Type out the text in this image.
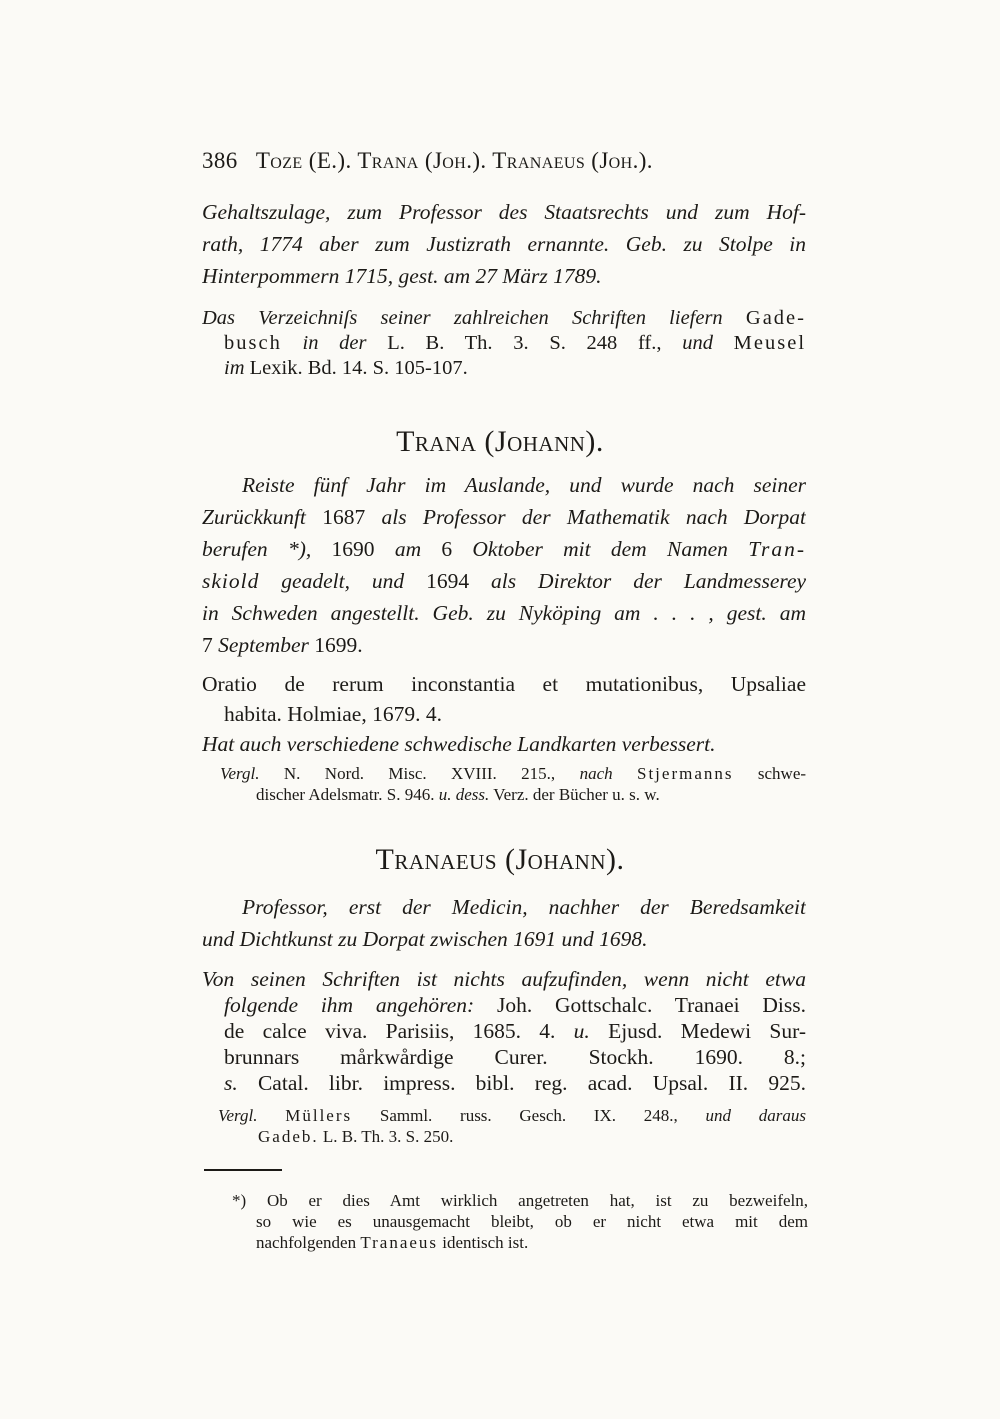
386 Toze (E.). Trana (Joh.). Tranaeus (Joh.).
Gehaltszulage, zum Professor des Staatsrechts und zum Hof-
rath, 1774 aber zum Justizrath ernannte. Geb. zu Stolpe in
Hinterpommern 1715, gest. am 27 März 1789.
Das Verzeichniſs seiner zahlreichen Schriften liefern Gade-
busch in der L. B. Th. 3. S. 248 ff., und Meusel
im Lexik. Bd. 14. S. 105-107.
Trana (Johann).
Reiste fünf Jahr im Auslande, und wurde nach seiner
Zurückkunft 1687 als Professor der Mathematik nach Dorpat
berufen *), 1690 am 6 Oktober mit dem Namen Tran-
skiold geadelt, und 1694 als Direktor der Landmesserey
in Schweden angestellt. Geb. zu Nyköping am . . . , gest. am
7 September 1699.
Oratio de rerum inconstantia et mutationibus, Upsaliae
habita. Holmiae, 1679. 4.
Hat auch verschiedene schwedische Landkarten verbessert.
Vergl. N. Nord. Misc. XVIII. 215., nach Stjermanns schwe-
discher Adelsmatr. S. 946. u. dess. Verz. der Bücher u. s. w.
Tranaeus (Johann).
Professor, erst der Medicin, nachher der Beredsamkeit
und Dichtkunst zu Dorpat zwischen 1691 und 1698.
Von seinen Schriften ist nichts aufzufinden, wenn nicht etwa
folgende ihm angehören: Joh. Gottschalc. Tranaei Diss.
de calce viva. Parisiis, 1685. 4. u. Ejusd. Medewi Sur-
brunnars mårkwårdige Curer. Stockh. 1690. 8.;
s. Catal. libr. impress. bibl. reg. acad. Upsal. II. 925.
Vergl. Müllers Samml. russ. Gesch. IX. 248., und daraus
Gadeb. L. B. Th. 3. S. 250.
*) Ob er dies Amt wirklich angetreten hat, ist zu bezweifeln,
so wie es unausgemacht bleibt, ob er nicht etwa mit dem
nachfolgenden Tranaeus identisch ist.
